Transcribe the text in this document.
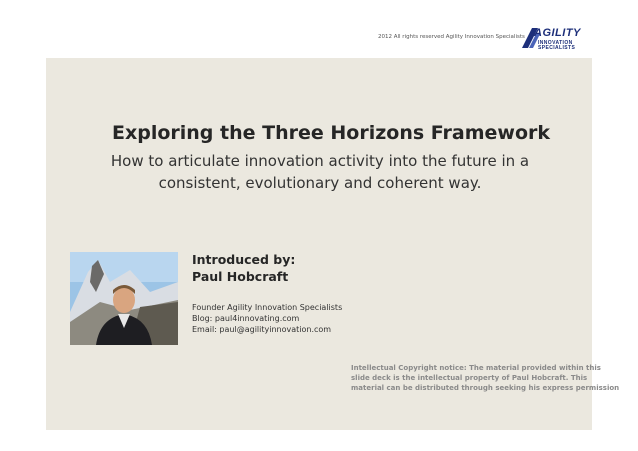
2012 All rights reserved Agility Innovation Specialists AGILITY
INNOVATION
SPECIALISTS
Exploring the Three Horizons Framework
How to articulate innovation activity into the future in a
consistent, evolutionary and coherent way.
Introduced by:
Paul Hobcraft
Founder Agility Innovation Specialists
Blog: paul4innovating.com
Email: paul@agilityinnovation.com
Intellectual Copyright notice: The material provided within this
slide deck is the intellectual property of Paul Hobcraft. This
material can be distributed through seeking his express permission
